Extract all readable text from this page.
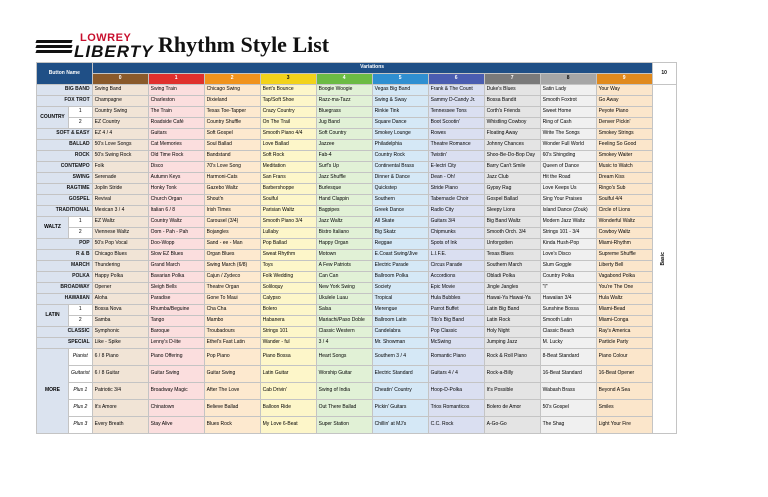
LOWREY
LIBERTY Rhythm Style List
Button Name		Variations										10
		0	1	2	3	4	5	6	7	8	9	
BIG BAND		Swing Band	Swing Train	Chicago Swing	Bert's Bounce	Boogie Woogie	Vegas Big Band	Frank & The Count	Duke's Blues	Satin Lady	Your Way	Basic
FOX TROT		Champagne	Charleston	Dixieland	Tap/Soft Shoe	Razz-ma-Tazz	Swing & Sway	Sammy D-Candy Jr.	Bossa Bandit	Smooth Foxtrot	Go Away	
COUNTRY	1	Country Swing	The Train	Texas Toe-Tapper	Crazy Country	Bluegrass	Rinkie Tink	Tennessee Tons	Corth's Friends	Sweet Home	Peyote Piano	
	2	EZ Country	Roadside Café	Country Shuffle	On The Trail	Jug Band	Square Dance	Boot Scootin'	Whistling Cowboy	Ring of Cash	Denver Pickin'	
SOFT & EASY		EZ 4 / 4	Guitars	Soft Gospel	Smooth Piano 4/4	Soft Country	Smokey Lounge	Rowes	Floating Away	Write The Songs	Smokey Strings	
BALLAD		50's Love Songs	Cat Memories	Soul Ballad	Love Ballad	Jazzee	Philadelphia	Theatre Romance	Johnny Chances	Wonder Full World	Feeling So Good	
ROCK		50's Swing Rock	Old Time Rock	Bandstand	Soft Rock	Fab-4	Country Rock	Twistin'	Shoo-Be-Do-Bop Day	60's Shingding	Smokey Waiter	
CONTEMPO		Folk	Disco	70's Love Song	Meditation	Surf's Up	Continental Brass	E-lectri City	Barry Can't Smile	Queen of Dance	Music to Watch	
SWING		Serenade	Autumn Keys	Harmoni-Cats	San Frans	Jazz Shuffle	Dinner & Dance	Dean - Oh!	Jazz Club	Hit the Road	Dream Kiss	
RAGTIME		Joplin Stride	Honky Tonk	Gazebo Waltz	Barbershoppe	Burlesque	Quickstep	Stride Piano	Gypsy Rag	Love Keeps Us	Ringo's Sub	
GOSPEL		Revival	Church Organ	Shout'n	Soulful	Hand Clappin	Southern	Tabernacle Choir	Gospel Ballad	Sing Your Praises	Soulful 4/4	
TRADITIONAL		Mexican 3 / 4	Italian 6 / 8	Irish Times	Parisian Waltz	Bagpipes	Greek Dance	Radio City	Sleepy Lions	Island Dance (Zouk)	Circle of Lions	
WALTZ	1	EZ Waltz	Country Waltz	Carousel (3/4)	Smooth Piano 3/4	Jazz Waltz	All Skate	Guitars 3/4	Big Band Waltz	Modern Jazz Waltz	Wonderful Waltz	
	2	Viennese Waltz	Oom - Pah - Pah	Bojangles	Lullaby	Bistro Italiano	Big Skatz	Chipmunks	Smooth Orch. 3/4	Strings 101 - 3/4	Cowboy Waltz	
POP		50's Pop Vocal	Doo-Wopp	Sand - ee - Man	Pop Ballad	Happy Organ	Reggae	Spots of Ink	Unforgotten	Kinda Hush-Pop	Miami-Rhythm	
R & B		Chicago Blues	Slow EZ Blues	Organ Blues	Sweat Rhythm	Motown	E.Coast Swing/Jive	L.I.F.E.	Texas Blues	Love's Disco	Supreme Shuffle	
MARCH		Thundering	Grand March	Swing March (6/8)	Toys	A Few Patriots	Electric Parade	Circus Parade	Southern March	Slum Goggle	Liberty Bell	
POLKA		Happy Polka	Bavarian Polka	Cajun / Zydeco	Folk Wedding	Can Can	Ballroom Polka	Accordions	Obladi Polka	Country Polka	Vagabond Polka	
BROADWAY		Opener	Sleigh Bells	Theatre Organ	Soliloquy	New York Swing	Society	Epic Movie	Jingle Jangles	"I"	You're The One	
HAWAIIAN		Aloha	Paradise	Gone To Maui	Calypso	Ukulele Luau	Tropical	Hula Bubbles	Hawai-Ya Hawai-Ya	Hawaiian 3/4	Hula Waltz	
LATIN	1	Bossa Nova	Rhumba/Beguine	Cha Cha	Bolero	Salsa	Merengue	Parrot Buffet	Latin Big Band	Sunshine Bossa	Miami-Bead	
	2	Samba	Tango	Mambo	Habanera	Mariachi/Paso Doble	Ballroom Latin	Tito's Big Band	Latin Rock	Smooth Latin	Miami-Conga	
CLASSIC		Symphonic	Baroque	Troubadours	Strings 101	Classic Western	Candelabra	Pop Classic	Holy Night	Classic Beach	Ray's America	
SPECIAL		Like - Spike	Lenny's D-lite	Ethel's Fast Latin	Wander - ful	3 / 4	Mr. Showman	McSwing	Jumping Jazz	M. Lucky	Particle Party	
MORE	Pianist	6 / 8 Piano	Piano Offering	Pop Piano	Piano Bossa	Heart Songs	Southern 3 / 4	Romantic Piano	Rock & Roll Piano	8-Beat Standard	Piano Colour	
	Guitarist	6 / 8 Guitar	Guitar Swing	Guitar Swing	Latin Guitar	Worship Guitar	Electric Standard	Guitars 4 / 4	Rock-a-Billy	16-Beat Standard	16-Beat Opener	
	Plus 1	Patriotic 3/4	Broadway Magic	After The Love	Cab Drivin'	Swing of India	Cheatin' Country	Hoop-D-Polka	It's Possible	Wabash Brass	Beyond A Sea	
	Plus 2	It's Amore	Chinatown	Believe Ballad	Balloon Ride	Out There Ballad	Pickin' Guitars	Trios Romanticos	Bolero de Amor	50's Gospel	Smiles	
	Plus 3	Every Breath	Stay Alive	Blues Rock	My Love 6-Beat	Super Station	Chillin' at MJ's	C.C. Rock	A-Go-Go	The Shag	Light Your Fire	
